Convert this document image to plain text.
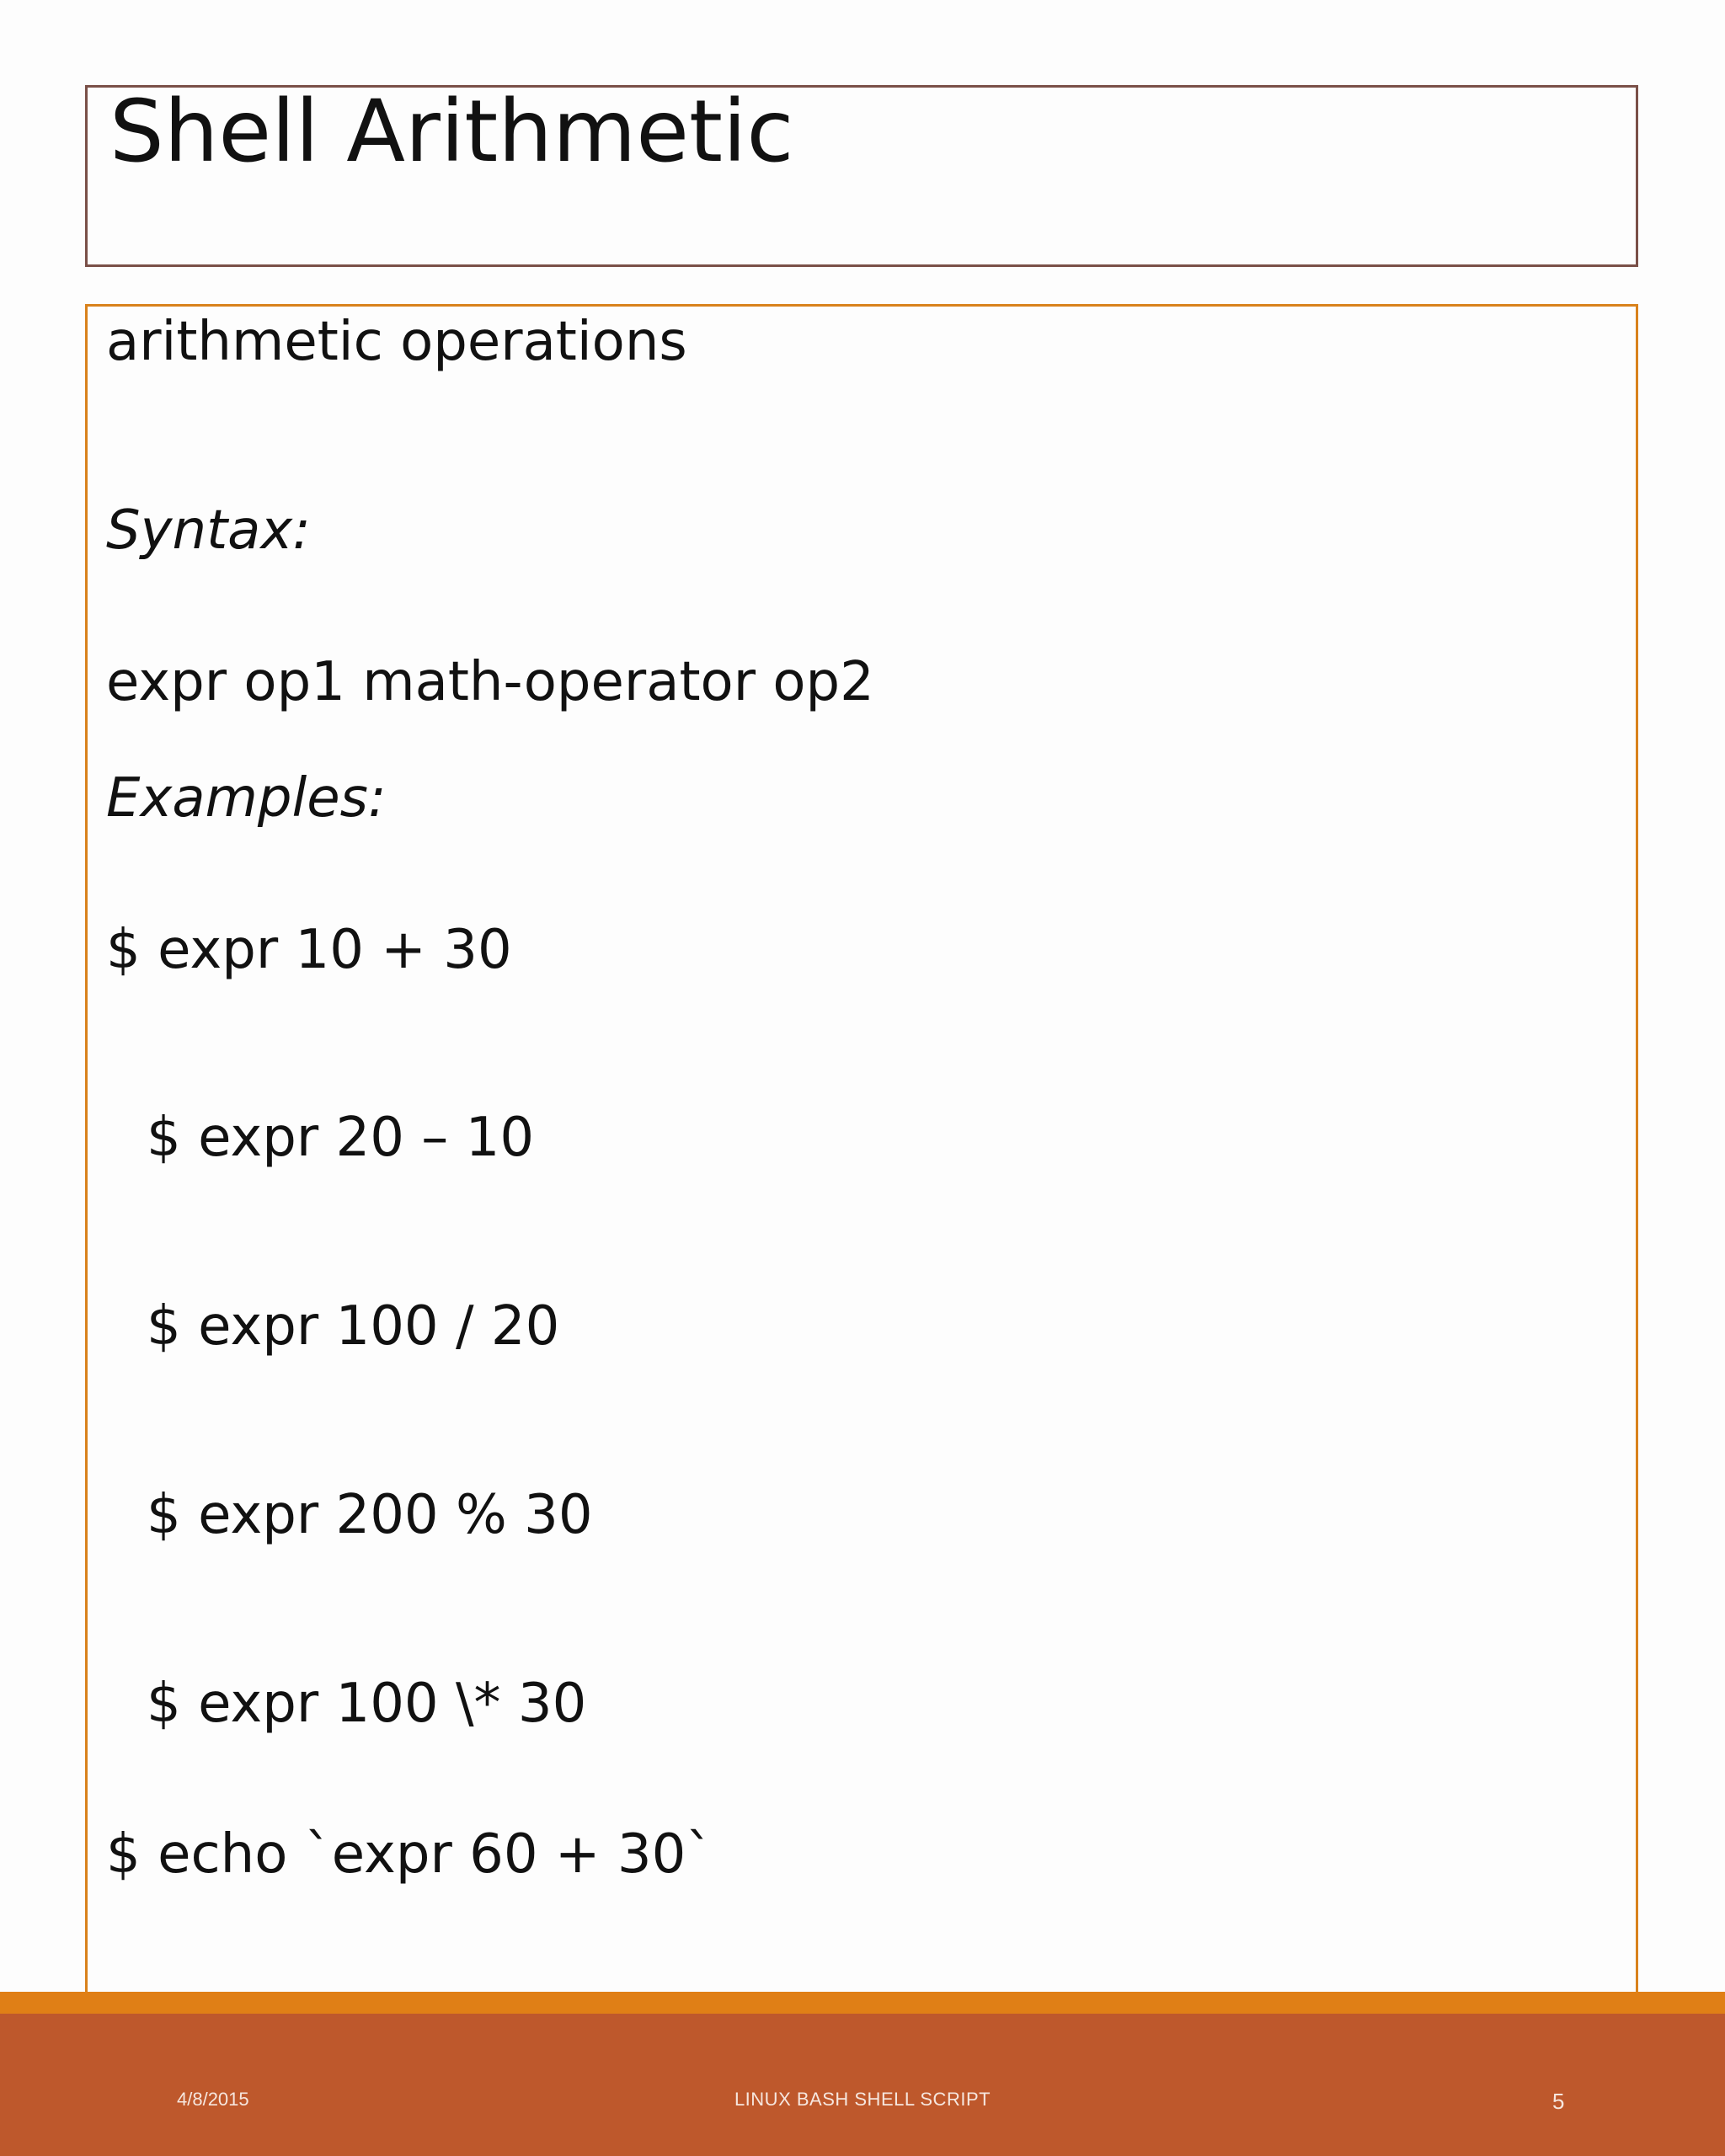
Shell Arithmetic
arithmetic operations
Syntax:
expr op1 math-operator op2
Examples:
$ expr 10 + 30
$ expr 20 – 10
$ expr 100 / 20
$ expr 200 % 30
$ expr 100 \* 30
$ echo `expr 60 + 30`
4/8/2015	LINUX BASH SHELL SCRIPT	5
